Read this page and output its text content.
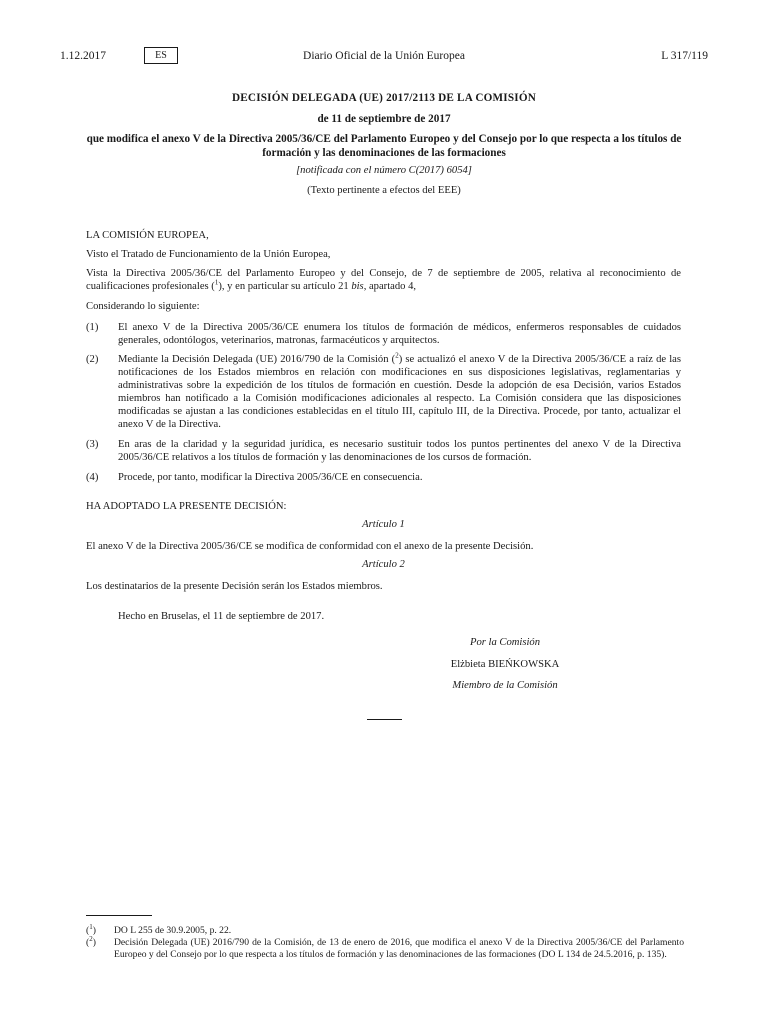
1.12.2017	ES	Diario Oficial de la Unión Europea	L 317/119
DECISIÓN DELEGADA (UE) 2017/2113 DE LA COMISIÓN
de 11 de septiembre de 2017
que modifica el anexo V de la Directiva 2005/36/CE del Parlamento Europeo y del Consejo por lo que respecta a los títulos de formación y las denominaciones de las formaciones
[notificada con el número C(2017) 6054]
(Texto pertinente a efectos del EEE)
LA COMISIÓN EUROPEA,
Visto el Tratado de Funcionamiento de la Unión Europea,
Vista la Directiva 2005/36/CE del Parlamento Europeo y del Consejo, de 7 de septiembre de 2005, relativa al reconocimiento de cualificaciones profesionales ($^1$), y en particular su artículo 21 bis, apartado 4,
Considerando lo siguiente:
(1)	El anexo V de la Directiva 2005/36/CE enumera los títulos de formación de médicos, enfermeros responsables de cuidados generales, odontólogos, veterinarios, matronas, farmacéuticos y arquitectos.
(2)	Mediante la Decisión Delegada (UE) 2016/790 de la Comisión ($^2$) se actualizó el anexo V de la Directiva 2005/36/CE a raíz de las notificaciones de los Estados miembros en relación con modificaciones en sus disposiciones legislativas, reglamentarias y administrativas sobre la expedición de los títulos de formación en cuestión. Desde la adopción de esa Decisión, varios Estados miembros han notificado a la Comisión modificaciones adicionales al respecto. La Comisión considera que las disposiciones modificadas se ajustan a las condiciones establecidas en el título III, capítulo III, de la Directiva. Procede, por tanto, actualizar el anexo V de la Directiva.
(3)	En aras de la claridad y la seguridad jurídica, es necesario sustituir todos los puntos pertinentes del anexo V de la Directiva 2005/36/CE relativos a los títulos de formación y las denominaciones de los cursos de formación.
(4)	Procede, por tanto, modificar la Directiva 2005/36/CE en consecuencia.
HA ADOPTADO LA PRESENTE DECISIÓN:
Artículo 1
El anexo V de la Directiva 2005/36/CE se modifica de conformidad con el anexo de la presente Decisión.
Artículo 2
Los destinatarios de la presente Decisión serán los Estados miembros.
Hecho en Bruselas, el 11 de septiembre de 2017.
Por la Comisión
Elżbieta BIEŃKOWSKA
Miembro de la Comisión
($^1$)	DO L 255 de 30.9.2005, p. 22.
($^2$)	Decisión Delegada (UE) 2016/790 de la Comisión, de 13 de enero de 2016, que modifica el anexo V de la Directiva 2005/36/CE del Parlamento Europeo y del Consejo por lo que respecta a los títulos de formación y las denominaciones de las formaciones (DO L 134 de 24.5.2016, p. 135).
